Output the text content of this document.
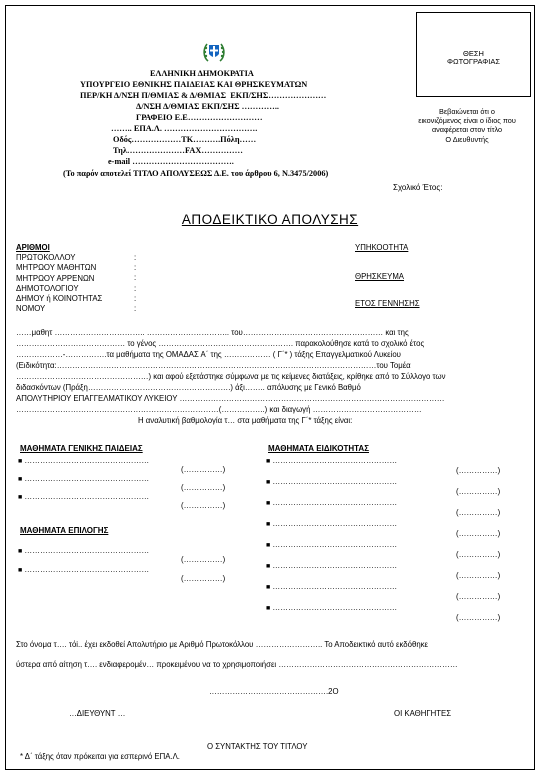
ΕΛΛΗΝΙΚΗ ΔΗΜΟΚΡΑΤΙΑ
ΥΠΟΥΡΓΕΙΟ ΕΘΝΙΚΗΣ ΠΑΙΔΕΙΑΣ ΚΑΙ ΘΡΗΣΚΕΥΜΑΤΩΝ
ΠΕΡ/ΚΗ Δ/ΝΣΗ Π/ΘΜΙΑΣ & Δ/ΘΜΙΑΣ  ΕΚΠ/ΣΗΣ…………………
Δ/ΝΣΗ Δ/ΘΜΙΑΣ ΕΚΠ/ΣΗΣ …………..
ΓΡΑΦΕΙΟ Ε.Ε………………………
…….. ΕΠΑ.Λ. …………………………….
Οδός………………TK……….Πόλη……
Τηλ…………………FAX……………
e-mail ……………………………….
(Το παρόν αποτελεί ΤΙΤΛΟ ΑΠΟΛΥΣΕΩΣ Δ.Ε. του άρθρου 6, Ν.3475/2006)
ΘΕΣΗ
ΦΩΤΟΓΡΑΦΙΑΣ
Βεβαιώνεται ότι ο
εικονιζόμενος είναι ο ίδιος που
αναφέρεται στον τίτλο
Ο Διευθυντής
Σχολικό Έτος:
ΑΠΟΔΕΙΚΤΙΚΟ ΑΠΟΛΥΣΗΣ
ΑΡΙΘΜΟΙ
ΠΡΩΤΟΚΟΛΛΟΥ
ΜΗΤΡΩΟΥ ΜΑΘΗΤΩΝ
ΜΗΤΡΩΟΥ ΑΡΡΕΝΩΝ
ΔΗΜΟΤΟΛΟΓΙΟΥ
ΔΗΜΟΥ ή ΚΟΙΝΟΤΗΤΑΣ
ΝΟΜΟΥ
:
:
:
:
:
:
ΥΠΗΚΟΟΤΗΤΑ
ΘΡΗΣΚΕΥΜΑ
ΕΤΟΣ ΓΕΝΝΗΣΗΣ
……μαθητ …………………………….. ………………………….. του……………………………………………… και της
…………………………………… το γένος ……………………………………………. παρακολούθησε κατά το σχολικό έτος
………………-…………….τα μαθήματα της ΟΜΑΔΑΣ Α΄ της ……………… ( Γ΄* ) τάξης Επαγγελματικού Λυκείου
(Ειδικότητα:……………………………………………………………………………………………………………του Τομέα
……………………………………………) και αφού εξετάστηκε σύμφωνα με τις κείμενες διατάξεις, κρίθηκε από το Σύλλογο των
διδασκόντων (Πράξη……………………………………………….) άξι…….. απόλυσης με Γενικό Βαθμό
ΑΠΟΛΥΤΗΡΙΟΥ ΕΠΑΓΓΕΛΜΑΤΙΚΟΥ ΛΥΚΕΙΟΥ …………………………………………………………………………………………
……………………………………………………………………(……………..) και διαγωγή ……………………………………
Η αναλυτική βαθμολογία τ… στα μαθήματα της Γ΄* τάξης είναι:
ΜΑΘΗΜΑΤΑ ΓΕΝΙΚΗΣ ΠΑΙΔΕΙΑΣ	ΜΑΘΗΜΑΤΑ ΕΙΔΙΚΟΤΗΤΑΣ
ΜΑΘΗΜΑΤΑ ΕΠΙΛΟΓΗΣ
■ …………………………………………
(……………)
■ …………………………………………
(……………)
■ …………………………………………
(……………)
■ …………………………………………
(……………)
■ …………………………………………
(……………)
■ …………………………………………
(……………)
■ …………………………………………
(……………)
■ …………………………………………
(……………)
■ …………………………………………
(……………)
■ …………………………………………
(……………)
■ …………………………………………
(……………)
■ …………………………………………
(……………)
■ …………………………………………
(……………)
Στο όνομα τ…. τόi.. έχει εκδοθεί Απολυτήριο με Αριθμό Πρωτοκόλλου …………………….. Το Αποδεικτικό αυτό εκδόθηκε
ύστερα από αίτηση τ…. ενδιαφερομέν… προκειμένου να το χρησιμοποιήσει ……………………………………………………………
……………………………………….2Ο
…ΔΙΕΥΘΥΝΤ …	ΟΙ ΚΑΘΗΓΗΤΕΣ
Ο ΣΥΝΤΑΚΤΗΣ ΤΟΥ ΤΙΤΛΟΥ
* Δ΄ τάξης όταν πρόκειται για εσπερινό ΕΠΑ.Λ.
